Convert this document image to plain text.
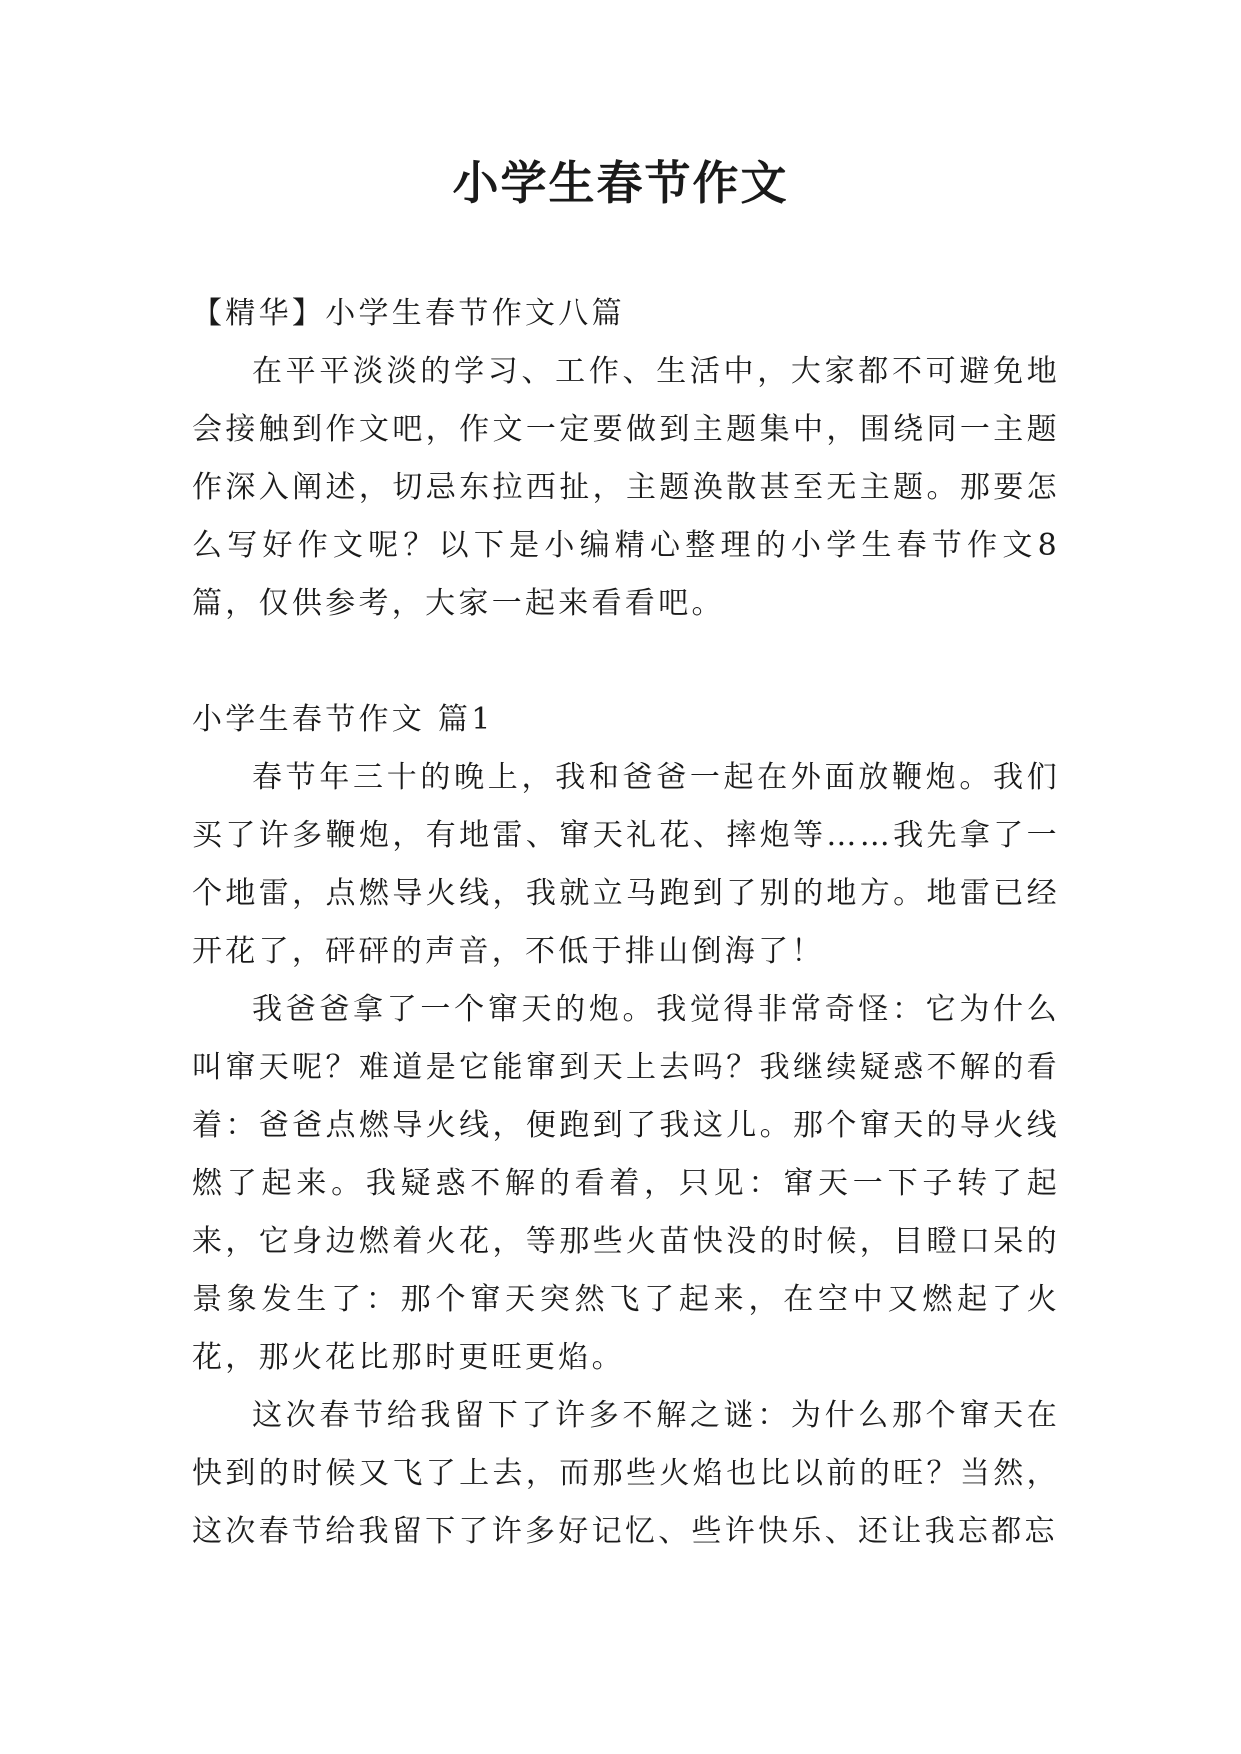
小学生春节作文

【精华】小学生春节作文八篇

在平平淡淡的学习、工作、生活中，大家都不可避免地会接触到作文吧，作文一定要做到主题集中，围绕同一主题作深入阐述，切忌东拉西扯，主题涣散甚至无主题。那要怎么写好作文呢？以下是小编精心整理的小学生春节作文8篇，仅供参考，大家一起来看看吧。

小学生春节作文 篇1

春节年三十的晚上，我和爸爸一起在外面放鞭炮。我们买了许多鞭炮，有地雷、窜天礼花、摔炮等……我先拿了一个地雷，点燃导火线，我就立马跑到了别的地方。地雷已经开花了，砰砰的声音，不低于排山倒海了！

我爸爸拿了一个窜天的炮。我觉得非常奇怪：它为什么叫窜天呢？难道是它能窜到天上去吗？我继续疑惑不解的看着：爸爸点燃导火线，便跑到了我这儿。那个窜天的导火线燃了起来。我疑惑不解的看着，只见：窜天一下子转了起来，它身边燃着火花，等那些火苗快没的时候，目瞪口呆的景象发生了：那个窜天突然飞了起来，在空中又燃起了火花，那火花比那时更旺更焰。

这次春节给我留下了许多不解之谜：为什么那个窜天在快到的时候又飞了上去，而那些火焰也比以前的旺？当然，这次春节给我留下了许多好记忆、些许快乐、还让我忘都忘
